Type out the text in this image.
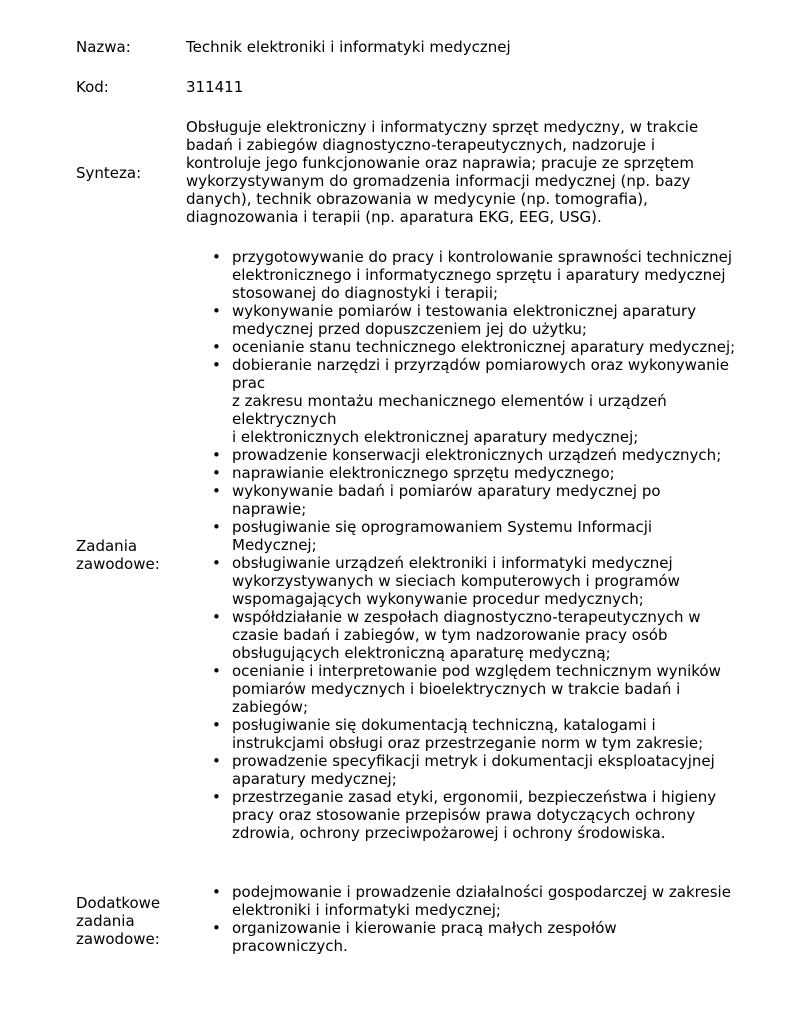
Nazwa:	Technik elektroniki i informatyki medycznej
Kod:	311411
Synteza:
Obsługuje elektroniczny i informatyczny sprzęt medyczny, w trakcie
badań i zabiegów diagnostyczno-terapeutycznych, nadzoruje i
kontroluje jego funkcjonowanie oraz naprawia; pracuje ze sprzętem
wykorzystywanym do gromadzenia informacji medycznej (np. bazy
danych), technik obrazowania w medycynie (np. tomografia),
diagnozowania i terapii (np. aparatura EKG, EEG, USG).
Zadania
zawodowe:
• przygotowywanie do pracy i kontrolowanie sprawności technicznej
elektronicznego i informatycznego sprzętu i aparatury medycznej
stosowanej do diagnostyki i terapii;
• wykonywanie pomiarów i testowania elektronicznej aparatury
medycznej przed dopuszczeniem jej do użytku;
• ocenianie stanu technicznego elektronicznej aparatury medycznej;
• dobieranie narzędzi i przyrządów pomiarowych oraz wykonywanie
prac
z zakresu montażu mechanicznego elementów i urządzeń
elektrycznych
i elektronicznych elektronicznej aparatury medycznej;
• prowadzenie konserwacji elektronicznych urządzeń medycznych;
• naprawianie elektronicznego sprzętu medycznego;
• wykonywanie badań i pomiarów aparatury medycznej po
naprawie;
• posługiwanie się oprogramowaniem Systemu Informacji
Medycznej;
• obsługiwanie urządzeń elektroniki i informatyki medycznej
wykorzystywanych w sieciach komputerowych i programów
wspomagających wykonywanie procedur medycznych;
• współdziałanie w zespołach diagnostyczno-terapeutycznych w
czasie badań i zabiegów, w tym nadzorowanie pracy osób
obsługujących elektroniczną aparaturę medyczną;
• ocenianie i interpretowanie pod względem technicznym wyników
pomiarów medycznych i bioelektrycznych w trakcie badań i
zabiegów;
• posługiwanie się dokumentacją techniczną, katalogami i
instrukcjami obsługi oraz przestrzeganie norm w tym zakresie;
• prowadzenie specyfikacji metryk i dokumentacji eksploatacyjnej
aparatury medycznej;
• przestrzeganie zasad etyki, ergonomii, bezpieczeństwa i higieny
pracy oraz stosowanie przepisów prawa dotyczących ochrony
zdrowia, ochrony przeciwpożarowej i ochrony środowiska.
Dodatkowe
zadania
zawodowe:
• podejmowanie i prowadzenie działalności gospodarczej w zakresie
elektroniki i informatyki medycznej;
• organizowanie i kierowanie pracą małych zespołów
pracowniczych.
